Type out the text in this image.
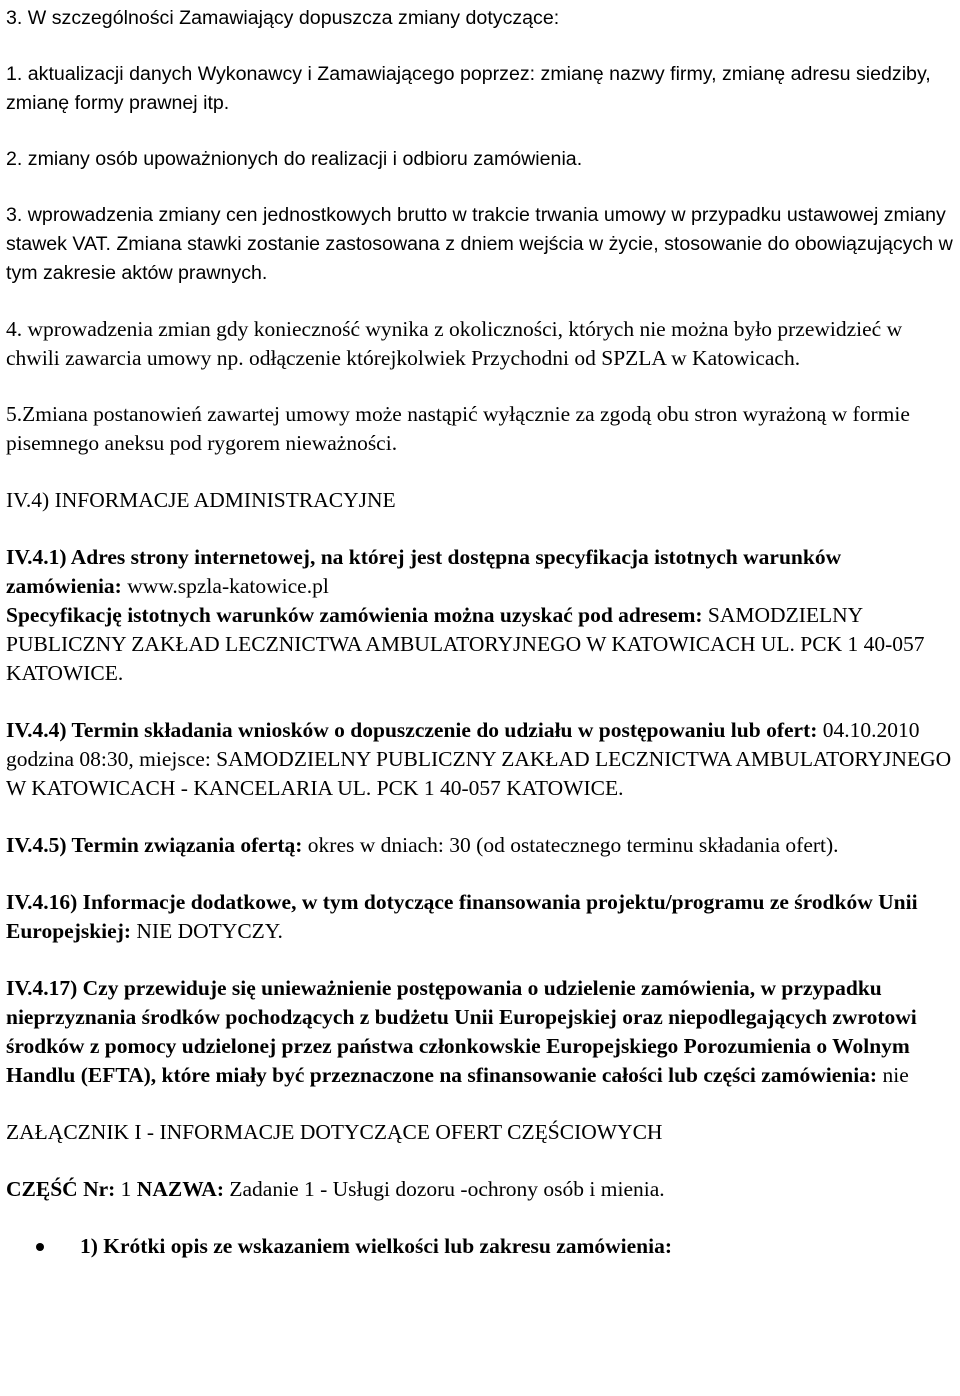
3. W szczególności Zamawiający dopuszcza zmiany dotyczące:

1. aktualizacji danych Wykonawcy i Zamawiającego poprzez: zmianę nazwy firmy, zmianę adresu siedziby, zmianę formy prawnej itp.

2. zmiany osób upoważnionych do realizacji i odbioru zamówienia.

3. wprowadzenia zmiany cen jednostkowych brutto w trakcie trwania umowy w przypadku ustawowej zmiany stawek VAT. Zmiana stawki zostanie zastosowana z dniem wejścia w życie, stosowanie do obowiązujących w tym zakresie aktów prawnych.

4. wprowadzenia zmian gdy konieczność wynika z okoliczności, których nie można było przewidzieć w chwili zawarcia umowy np. odłączenie którejkolwiek Przychodni od SPZLA w Katowicach.

5.Zmiana postanowień zawartej umowy może nastąpić wyłącznie za zgodą obu stron wyrażoną w formie pisemnego aneksu pod rygorem nieważności.

IV.4) INFORMACJE ADMINISTRACYJNE

IV.4.1) Adres strony internetowej, na której jest dostępna specyfikacja istotnych warunków zamówienia: www.spzla-katowice.pl

Specyfikację istotnych warunków zamówienia można uzyskać pod adresem: SAMODZIELNY PUBLICZNY ZAKŁAD LECZNICTWA AMBULATORYJNEGO W KATOWICACH UL. PCK 1 40-057 KATOWICE.

IV.4.4) Termin składania wniosków o dopuszczenie do udziału w postępowaniu lub ofert: 04.10.2010 godzina 08:30, miejsce: SAMODZIELNY PUBLICZNY ZAKŁAD LECZNICTWA AMBULATORYJNEGO W KATOWICACH - KANCELARIA UL. PCK 1 40-057 KATOWICE.

IV.4.5) Termin związania ofertą: okres w dniach: 30 (od ostatecznego terminu składania ofert).

IV.4.16) Informacje dodatkowe, w tym dotyczące finansowania projektu/programu ze środków Unii Europejskiej: NIE DOTYCZY.

IV.4.17) Czy przewiduje się unieważnienie postępowania o udzielenie zamówienia, w przypadku nieprzyznania środków pochodzących z budżetu Unii Europejskiej oraz niepodlegających zwrotowi środków z pomocy udzielonej przez państwa członkowskie Europejskiego Porozumienia o Wolnym Handlu (EFTA), które miały być przeznaczone na sfinansowanie całości lub części zamówienia: nie

ZAŁĄCZNIK I - INFORMACJE DOTYCZĄCE OFERT CZĘŚCIOWYCH

CZĘŚĆ Nr: 1 NAZWA: Zadanie 1 - Usługi dozoru -ochrony osób i mienia.

1) Krótki opis ze wskazaniem wielkości lub zakresu zamówienia:
